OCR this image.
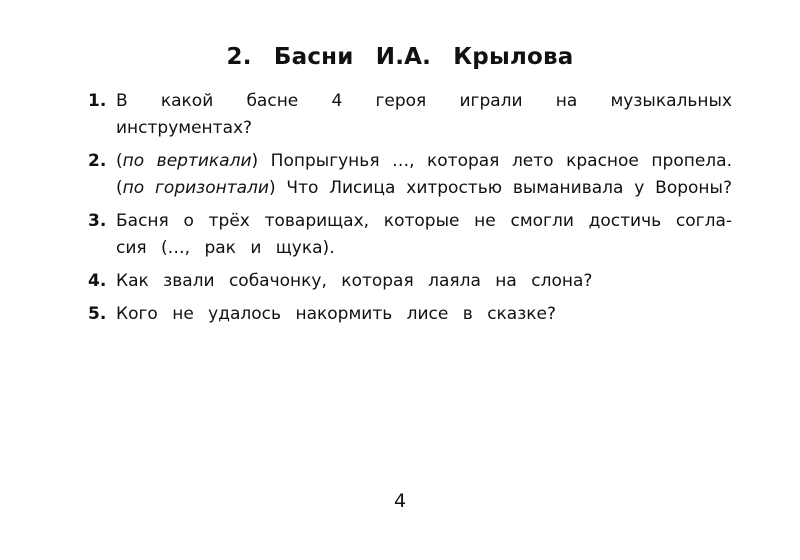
2. Басни И.А. Крылова
1. В какой басне 4 героя играли на музыкальных инструментах?
2. (по вертикали) Попрыгунья …, которая лето красное пропела.
(по горизонтали) Что Лисица хитростью выманивала у Вороны?
3. Басня о трёх товарищах, которые не смогли достичь согла-
сия (…, рак и щука).
4. Как звали собачонку, которая лаяла на слона?
5. Кого не удалось накормить лисе в сказке?
4
